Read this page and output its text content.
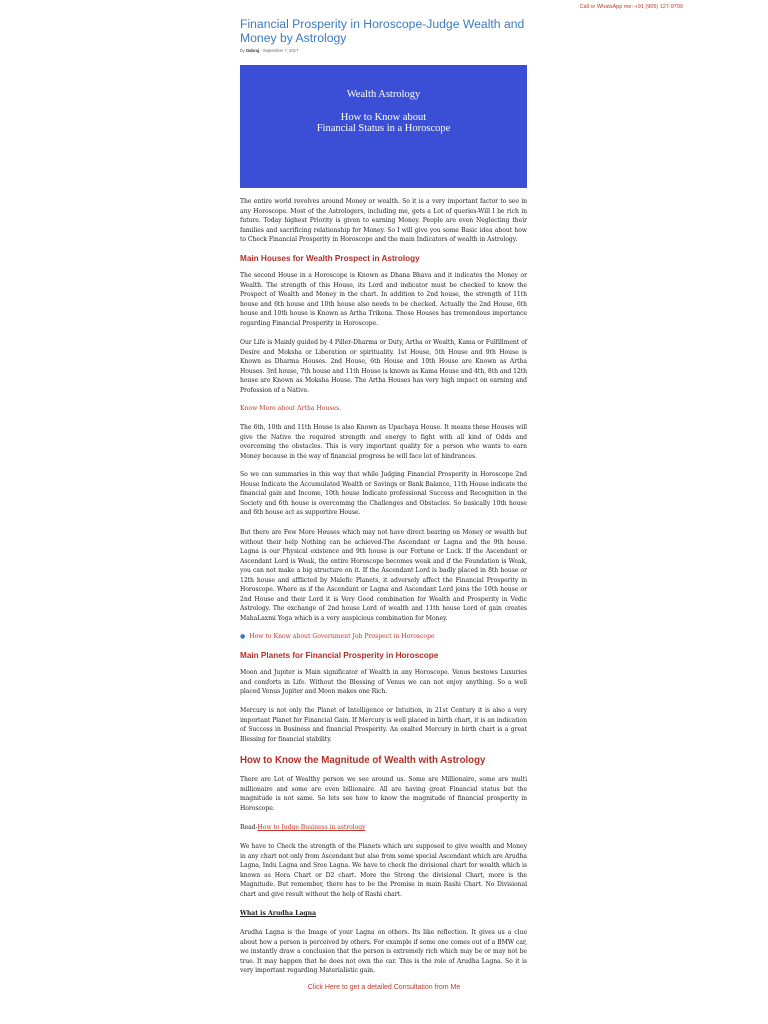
Call or WhatsApp me: +91 (905) 127-9799
Financial Prosperity in Horoscope-Judge Wealth and Money by Astrology
By Dabraj - September 7, 2017
Wealth Astrology
How to Know about
Financial Status in a Horoscope

The entire world revolves around Money or wealth. So it is a very important factor to see in any Horoscope. Most of the Astrologers, including me, gets a Lot of queries-Will I be rich in future. Today highest Priority is given to earning Money. People are even Neglecting their families and sacrificing relationship for Money. So I will give you some Basic idea about how to Check Financial Prosperity in Horoscope and the main Indicators of wealth in Astrology.

Main Houses for Wealth Prospect in Astrology

The second House in a Horoscope is Known as Dhana Bhava and it indicates the Money or Wealth. The strength of this House, its Lord and indicator must be checked to know the Prospect of Wealth and Money in the chart. In addition to 2nd house, the strength of 11th house and 6th house and 10th house also needs to be checked. Actually the 2nd House, 6th house and 10th house is Known as Artha Trikona. These Houses has tremendous importance regarding Financial Prosperity in Horoscope.

Our Life is Mainly guided by 4 Piller-Dharma or Duty, Artha or Wealth, Kama or Fulfillment of Desire and Moksha or Liberation or spirituality. 1st House, 5th House and 9th House is Known as Dharma Houses. 2nd House, 6th House and 10th House are Known as Artha Houses. 3rd house, 7th house and 11th House is known as Kama House and 4th, 8th and 12th house are Known as Moksha House. The Artha Houses has very high impact on earning and Profession of a Native.

Know More about Artha Houses.

The 6th, 10th and 11th House is also Known as Upachaya House. It means these Houses will give the Native the required strength and energy to fight with all kind of Odds and overcoming the obstacles. This is very important quality for a person who wants to earn Money because in the way of financial progress he will face lot of hindrances.

So we can summaries in this way that while Judging Financial Prosperity in Horoscope 2nd House Indicate the Accumulated Wealth or Savings or Bank Balance, 11th House indicate the financial gain and Income, 10th house Indicate professional Success and Recognition in the Society and 6th house is overcoming the Challenges and Obstacles. So basically 10th house and 6th house act as supportive House.

But there are Few More Houses which may not have direct bearing on Money or wealth but without their help Nothing can be achieved-The Ascendant or Lagna and the 9th house. Lagna is our Physical existence and 9th house is our Fortune or Luck. If the Ascendant or Ascendant Lord is Weak, the entire Horoscope becomes weak and if the Foundation is Weak, you can not make a big structure on it. If the Ascendant Lord is badly placed in 8th house or 12th house and afflicted by Malefic Planets, it adversely affect the Financial Prosperity in Horoscope. Where as if the Ascendant or Lagna and Ascendant Lord joins the 10th house or 2nd House and their Lord it is Very Good combination for Wealth and Prosperity in Vedic Astrology. The exchange of 2nd house Lord of wealth and 11th house Lord of gain creates MahaLaxmi Yoga which is a very auspicious combination for Money.

● How to Know about Government Job Prospect in Horoscope
Main Planets for Financial Prosperity in Horoscope

Moon and Jupiter is Main significator of Wealth in any Horoscope. Venus bestows Luxuries and comforts in Life. Without the Blessing of Venus we can not enjoy anything. So a well placed Venus Jupiter and Moon makes one Rich.

Mercury is not only the Planet of Intelligence or Intuition, in 21st Century it is also a very important Planet for Financial Gain. If Mercury is well placed in birth chart, it is an indication of Success in Business and financial Prosperity. An exalted Mercury in birth chart is a great Blessing for financial stability.

How to Know the Magnitude of Wealth with Astrology

There are Lot of Wealthy person we see around us. Some are Millionaire, some are multi millionaire and some are even billionaire. All are having great Financial status but the magnitude is not same. So lets see how to know the magnitude of financial prosperity in Horoscope.

Read-How to Judge Business in astrology

We have to Check the strength of the Planets which are supposed to give wealth and Money in any chart not only from Ascendant but also from some special Ascendant which are Arudha Lagna, Indu Lagna and Sree Lagna. We have to check the divisional chart for wealth which is known as Hora Chart or D2 chart. More the Strong the divisional Chart, more is the Magnitude. But remember, there has to be the Promise in main Rashi Chart. No Divisional chart and give result without the help of Rashi chart.

What is Arudha Lagna

Arudha Lagna is the Image of your Lagna on others. Its like reflection. It gives us a clue about how a person is perceived by others. For example if some one comes out of a BMW car, we instantly draw a conclusion that the person is extremely rich which may be or may not be true. It may happen that he does not own the car. This is the role of Arudha Lagna. So it is very important regarding Materialistic gain.

Click Here to get a detailed Consultation from Me
